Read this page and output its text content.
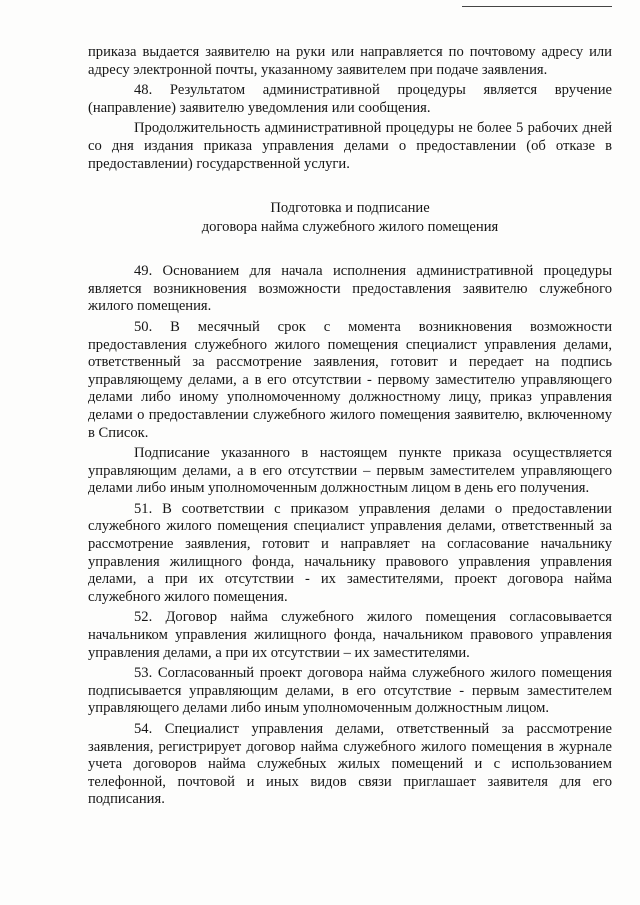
приказа выдается заявителю на руки или направляется по почтовому адресу или адресу электронной почты, указанному заявителем при подаче заявления.

48. Результатом административной процедуры является вручение (направление) заявителю уведомления или сообщения.

Продолжительность административной процедуры не более 5 рабочих дней со дня издания приказа управления делами о предоставлении (об отказе в предоставлении) государственной услуги.

Подготовка и подписание
договора найма служебного жилого помещения

49. Основанием для начала исполнения административной процедуры является возникновения возможности предоставления заявителю служебного жилого помещения.

50. В месячный срок с момента возникновения возможности предоставления служебного жилого помещения специалист управления делами, ответственный за рассмотрение заявления, готовит и передает на подпись управляющему делами, а в его отсутствии - первому заместителю управляющего делами либо иному уполномоченному должностному лицу, приказ управления делами о предоставлении служебного жилого помещения заявителю, включенному в Список.

Подписание указанного в настоящем пункте приказа осуществляется управляющим делами, а в его отсутствии – первым заместителем управляющего делами либо иным уполномоченным должностным лицом в день его получения.

51. В соответствии с приказом управления делами о предоставлении служебного жилого помещения специалист управления делами, ответственный за рассмотрение заявления, готовит и направляет на согласование начальнику управления жилищного фонда, начальнику правового управления управления делами, а при их отсутствии - их заместителями, проект договора найма служебного жилого помещения.

52. Договор найма служебного жилого помещения согласовывается начальником управления жилищного фонда, начальником правового управления управления делами, а при их отсутствии – их заместителями.

53. Согласованный проект договора найма служебного жилого помещения подписывается управляющим делами, в его отсутствие - первым заместителем управляющего делами либо иным уполномоченным должностным лицом.

54. Специалист управления делами, ответственный за рассмотрение заявления, регистрирует договор найма служебного жилого помещения в журнале учета договоров найма служебных жилых помещений и с использованием телефонной, почтовой и иных видов связи приглашает заявителя для его подписания.
